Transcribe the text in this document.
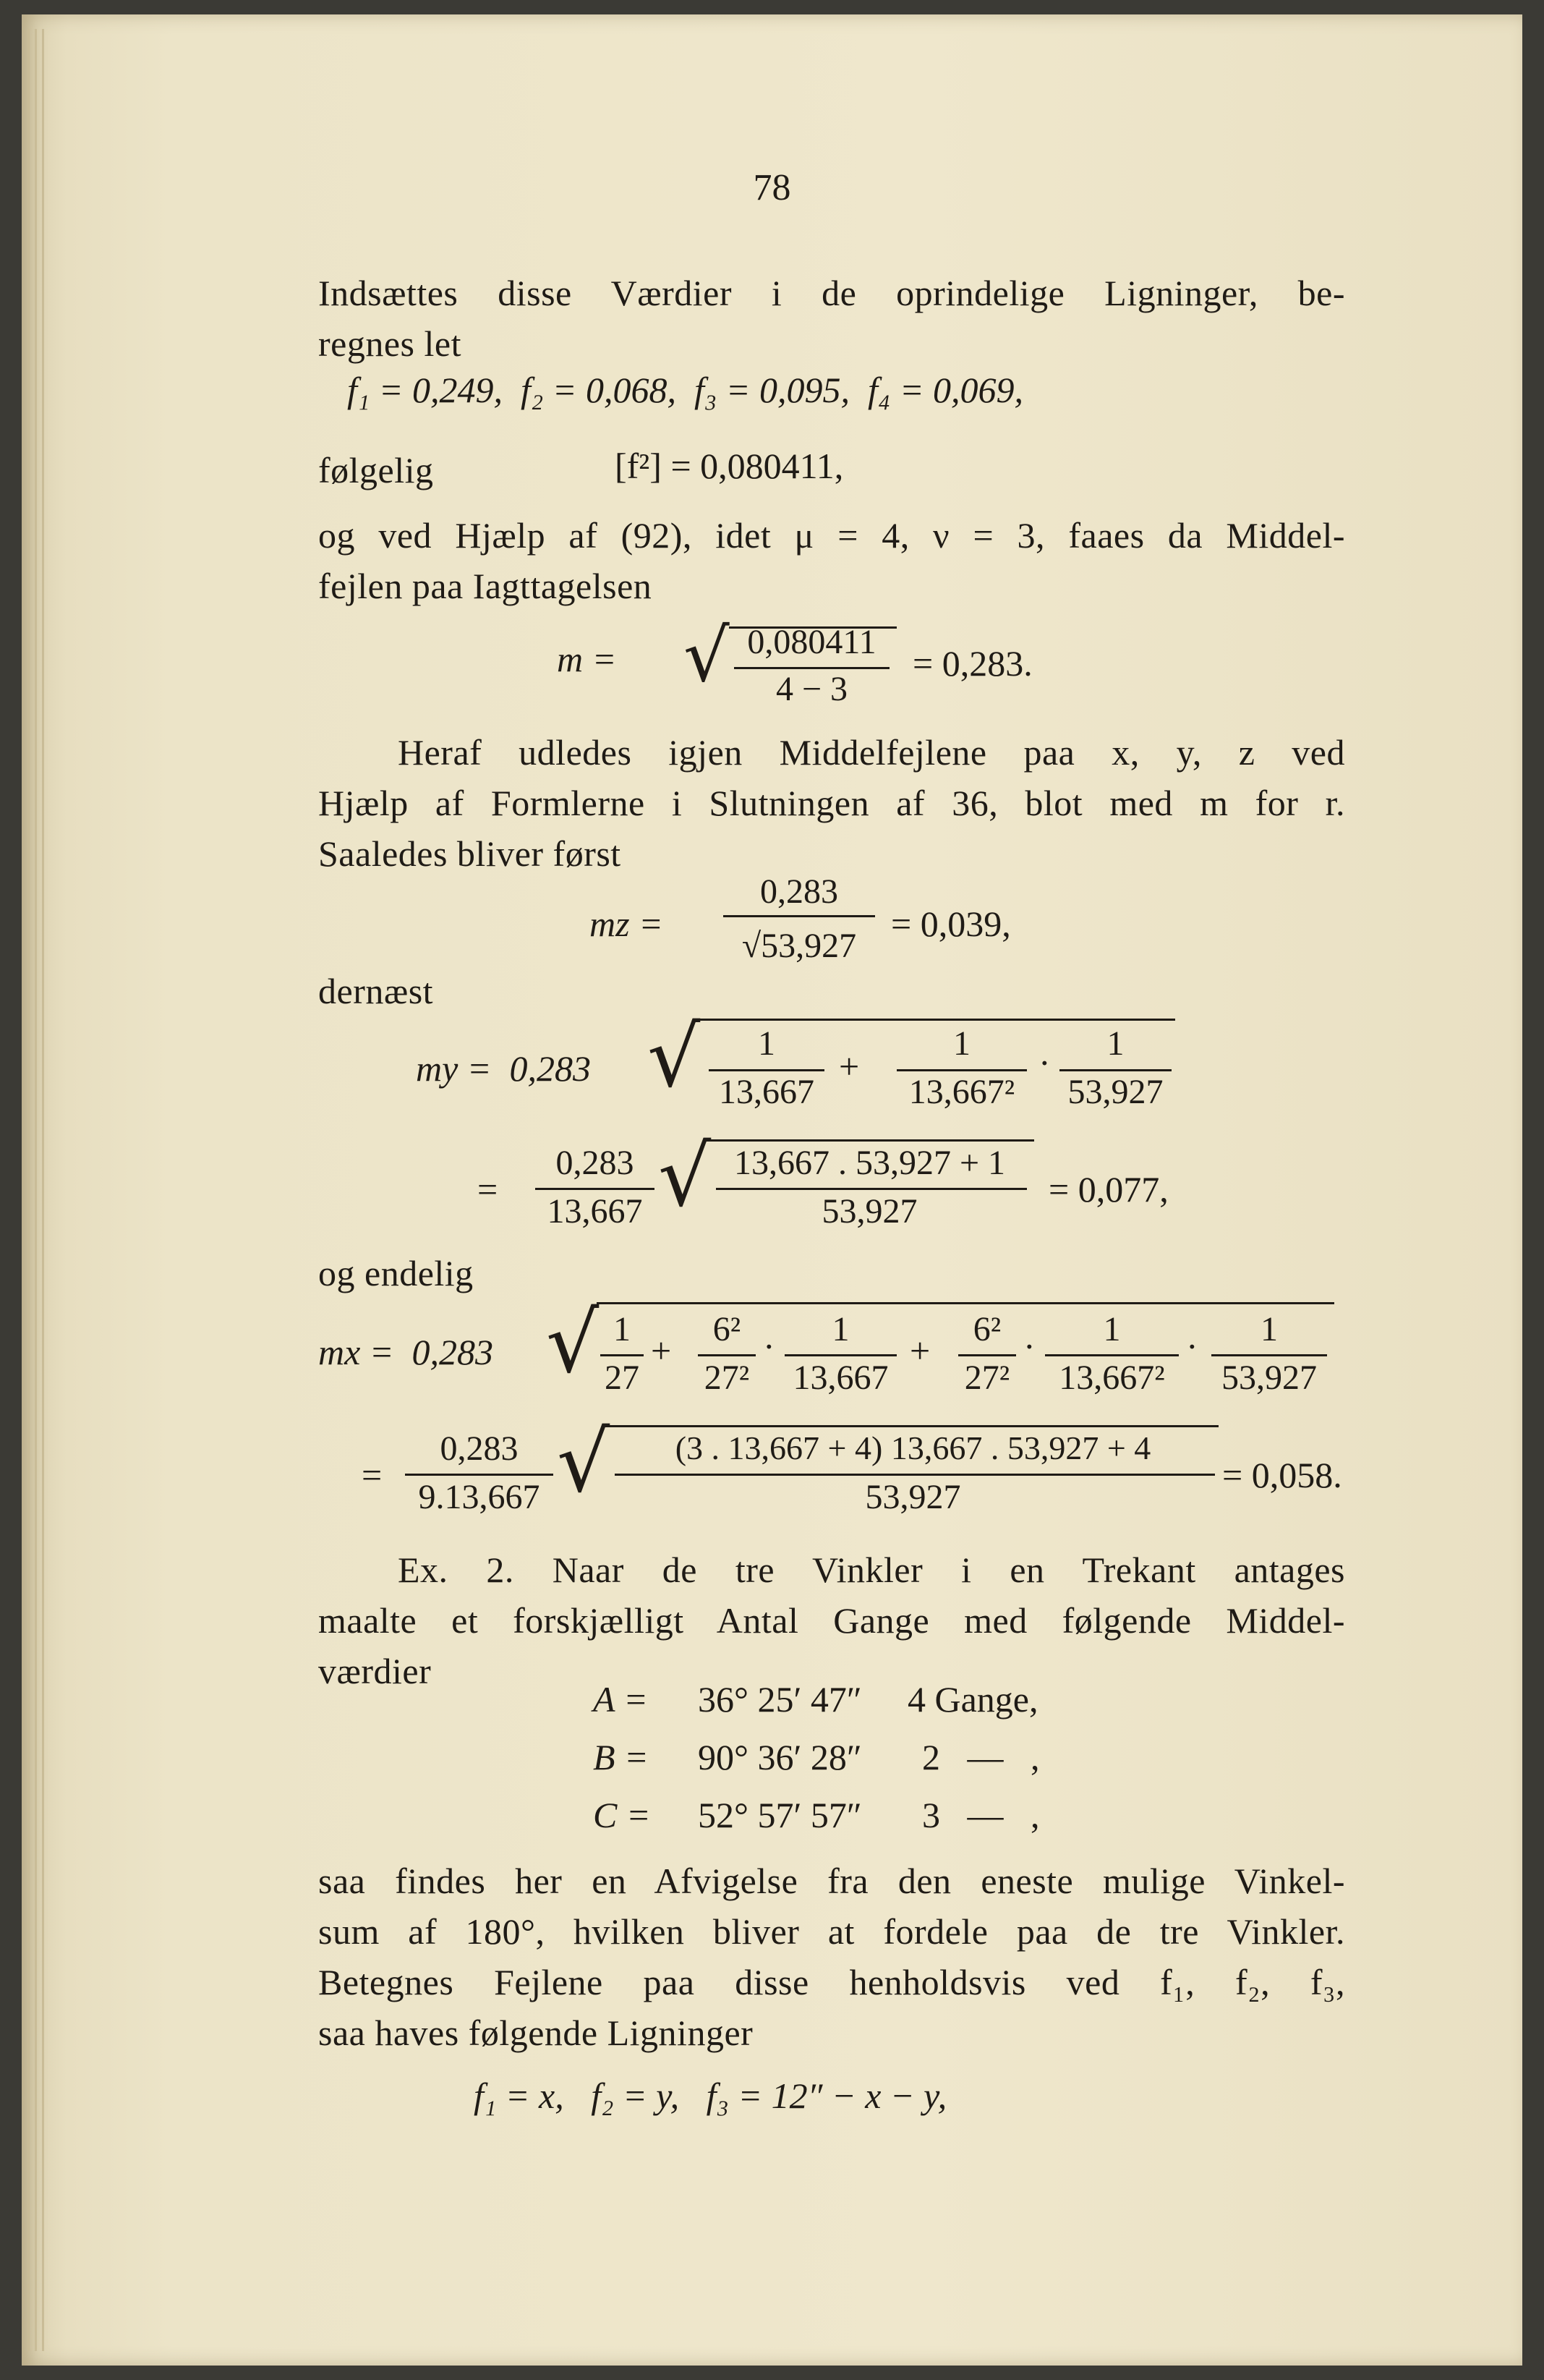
78
Indsættes disse Værdier i de oprindelige Ligninger, be-
regnes let
f₁ = 0,249,  f₂ = 0,068,  f₃ = 0,095,  f₄ = 0,069,
følgelig	[f²] = 0,080411,
og ved Hjælp af (92), idet μ = 4, ν = 3, faaes da Middel-
fejlen paa Iagttagelsen
m = √ 0,080411
4 − 3
= 0,283.
Heraf udledes igjen Middelfejlene paa x, y, z ved
Hjælp af Formlerne i Slutningen af 36, blot med m for r.
Saaledes bliver først
mz =
0,283
√53,927
= 0,039,
dernæst
my =  0,283 √	1
13,667
+
1
13,667²
·	1
53,927
=
0,283
13,667 √ 13,667 . 53,927 + 1
53,927
= 0,077,
og endelig
mx =  0,283 √ 1
27
+
6²
27²
·	1
13,667
+
6²
27²
·	1
13,667²
·	1
53,927
=
0,283
9.13,667 √	(3 . 13,667 + 4) 13,667 . 53,927 + 4
53,927
= 0,058.
Ex. 2. Naar de tre Vinkler i en Trekant antages
maalte et forskjælligt Antal Gange med følgende Middel-
værdier
A = 36° 25′ 47″ 4 Gange,
B = 90° 36′ 28″ 2   —   ,
C = 52° 57′ 57″ 3   —   ,
saa findes her en Afvigelse fra den eneste mulige Vinkel-
sum af 180°, hvilken bliver at fordele paa de tre Vinkler.
Betegnes Fejlene paa disse henholdsvis ved f₁, f₂, f₃,
saa haves følgende Ligninger
f₁ = x,   f₂ = y,   f₃ = 12″ − x − y,
